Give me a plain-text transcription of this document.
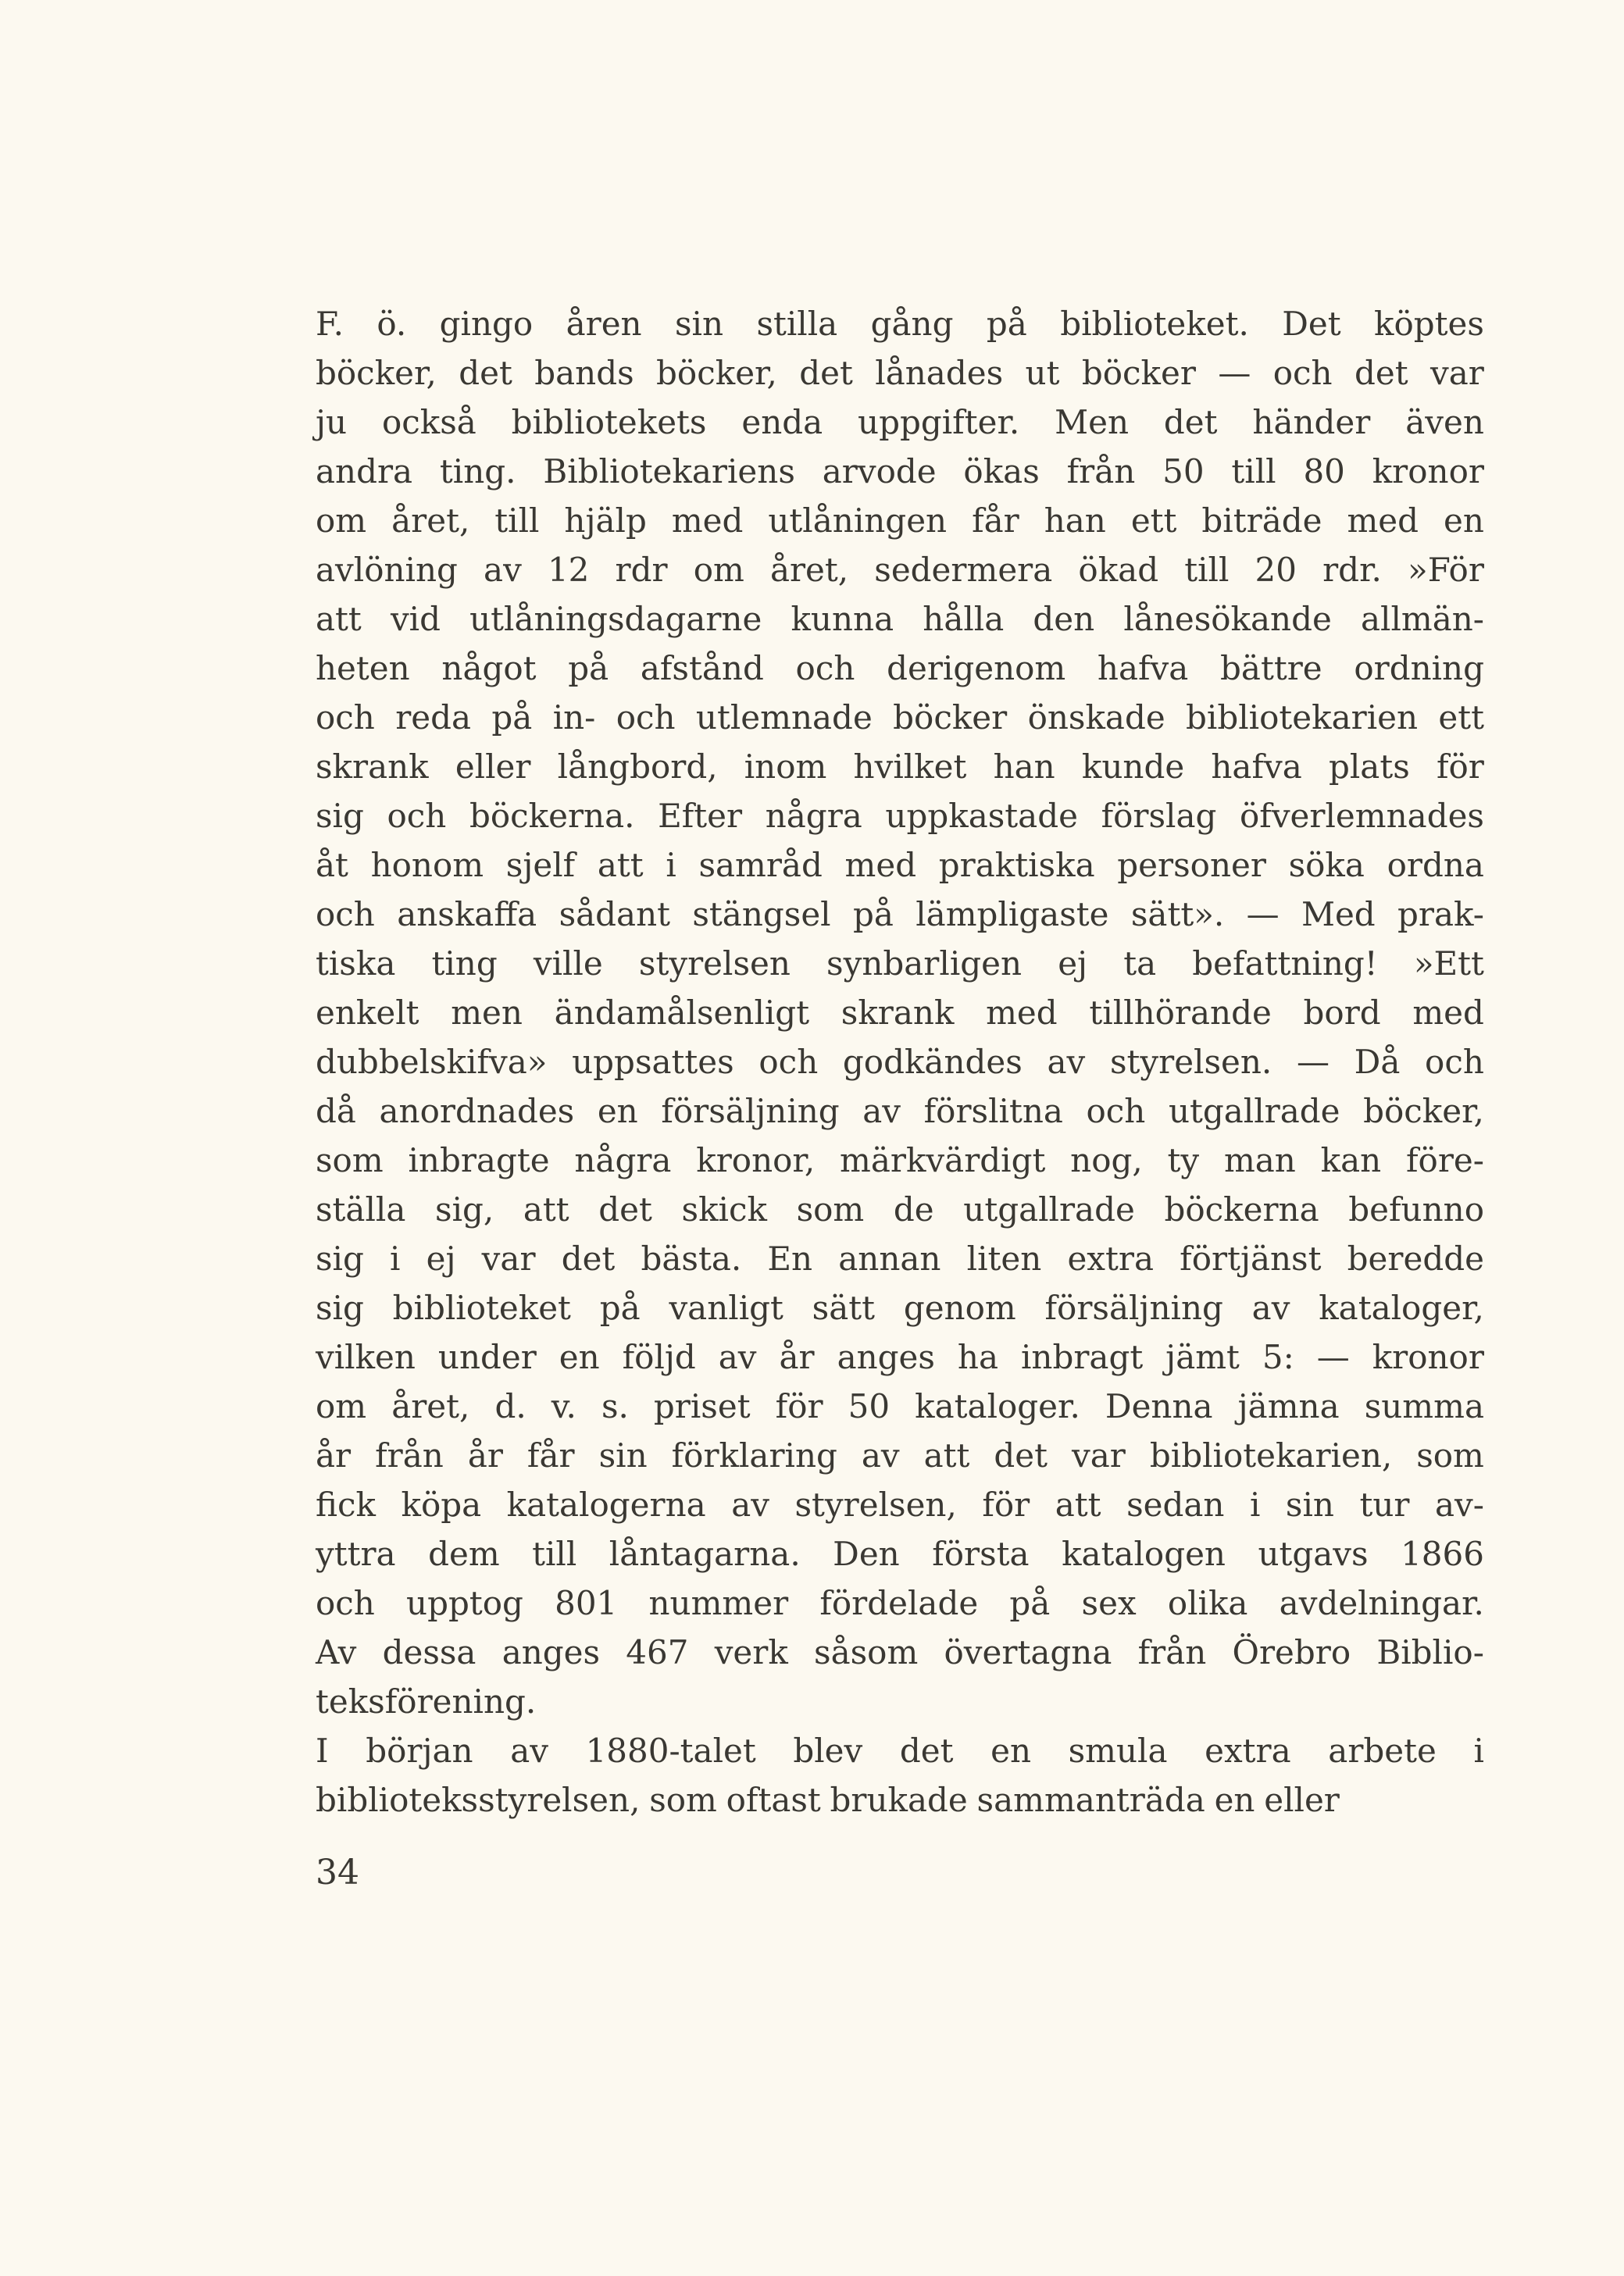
F. ö. gingo åren sin stilla gång på biblioteket. Det köptes
böcker, det bands böcker, det lånades ut böcker — och det var
ju också bibliotekets enda uppgifter. Men det händer även
andra ting. Bibliotekariens arvode ökas från 50 till 80 kronor
om året, till hjälp med utlåningen får han ett biträde med en
avlöning av 12 rdr om året, sedermera ökad till 20 rdr. »För
att vid utlåningsdagarne kunna hålla den lånesökande allmän-
heten något på afstånd och derigenom hafva bättre ordning
och reda på in- och utlemnade böcker önskade bibliotekarien ett
skrank eller långbord, inom hvilket han kunde hafva plats för
sig och böckerna. Efter några uppkastade förslag öfverlemnades
åt honom sjelf att i samråd med praktiska personer söka ordna
och anskaffa sådant stängsel på lämpligaste sätt». — Med prak-
tiska ting ville styrelsen synbarligen ej ta befattning! »Ett
enkelt men ändamålsenligt skrank med tillhörande bord med
dubbelskifva» uppsattes och godkändes av styrelsen. — Då och
då anordnades en försäljning av förslitna och utgallrade böcker,
som inbragte några kronor, märkvärdigt nog, ty man kan före-
ställa sig, att det skick som de utgallrade böckerna befunno
sig i ej var det bästa. En annan liten extra förtjänst beredde
sig biblioteket på vanligt sätt genom försäljning av kataloger,
vilken under en följd av år anges ha inbragt jämt 5: — kronor
om året, d. v. s. priset för 50 kataloger. Denna jämna summa
år från år får sin förklaring av att det var bibliotekarien, som
fick köpa katalogerna av styrelsen, för att sedan i sin tur av-
yttra dem till låntagarna. Den första katalogen utgavs 1866
och upptog 801 nummer fördelade på sex olika avdelningar.
Av dessa anges 467 verk såsom övertagna från Örebro Biblio-
teksförening.
I början av 1880-talet blev det en smula extra arbete i
biblioteksstyrelsen, som oftast brukade sammanträda en eller
34
